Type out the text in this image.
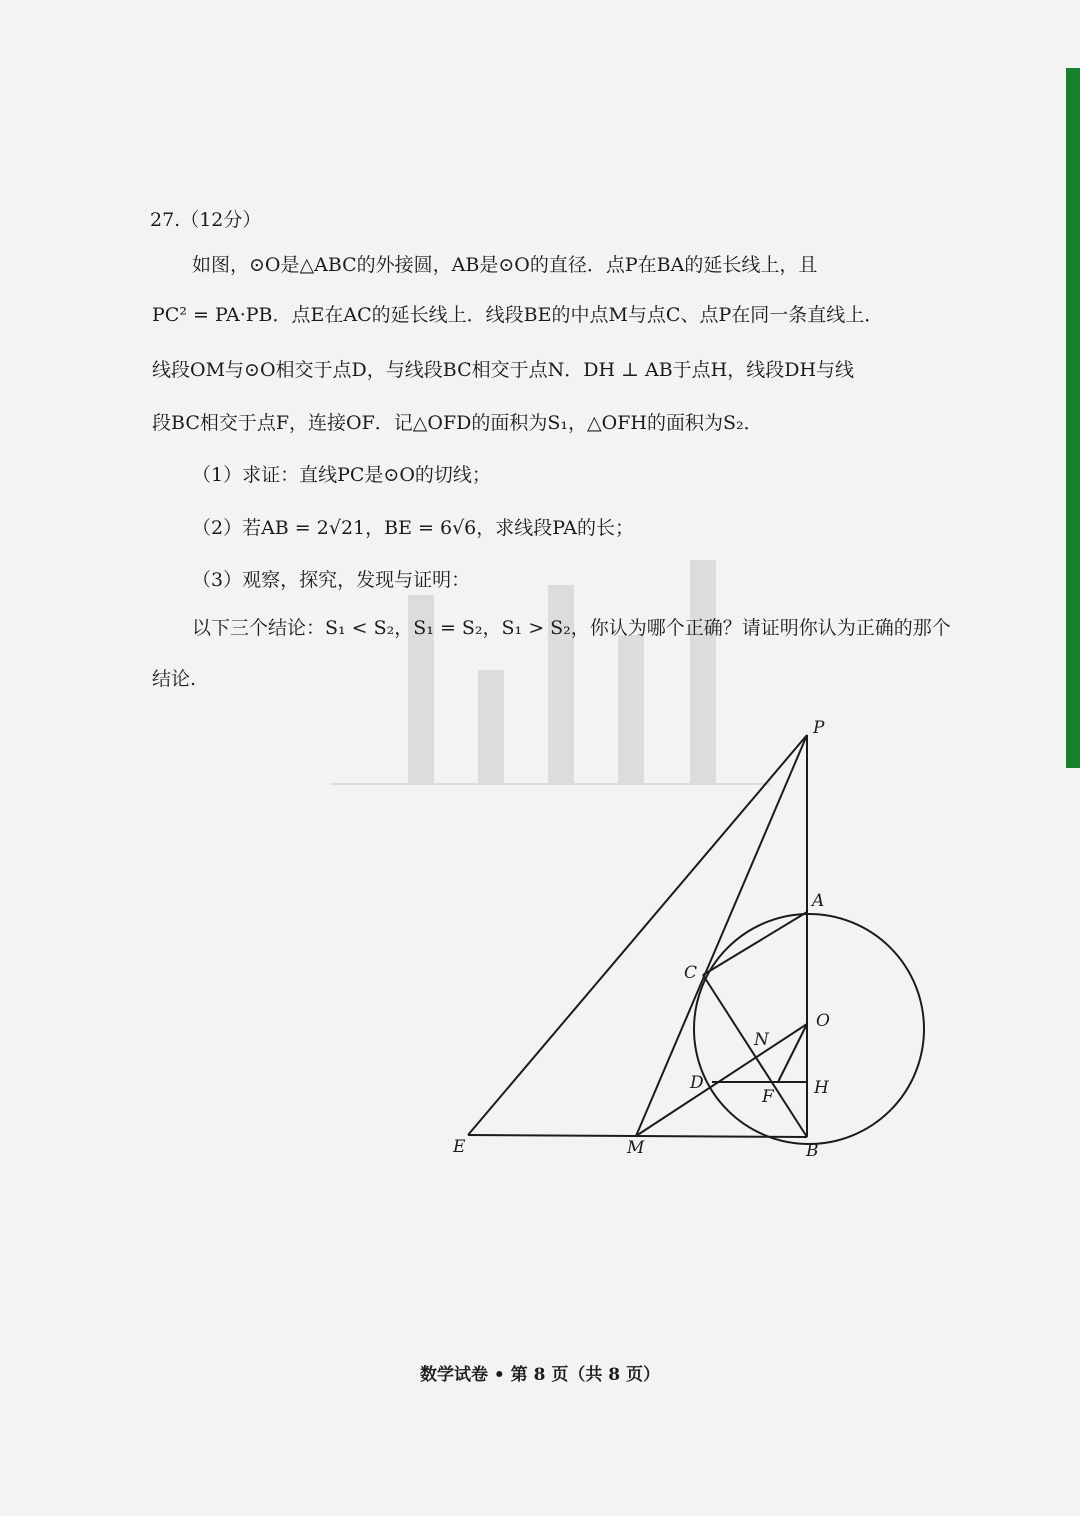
27.（12分）
如图，⊙O是△ABC的外接圆，AB是⊙O的直径．点P在BA的延长线上，且
PC² = PA·PB．点E在AC的延长线上．线段BE的中点M与点C、点P在同一条直线上．
线段OM与⊙O相交于点D，与线段BC相交于点N．DH ⊥ AB于点H，线段DH与线
段BC相交于点F，连接OF．记△OFD的面积为S₁，△OFH的面积为S₂．
（1）求证：直线PC是⊙O的切线；
（2）若AB = 2√21，BE = 6√6，求线段PA的长；
（3）观察，探究，发现与证明：
以下三个结论：S₁ < S₂，S₁ = S₂，S₁ > S₂，你认为哪个正确？请证明你认为正确的那个
结论.
P
A
C
O
N
D	H
F
E	M	B
数学试卷 • 第 8 页（共 8 页）
